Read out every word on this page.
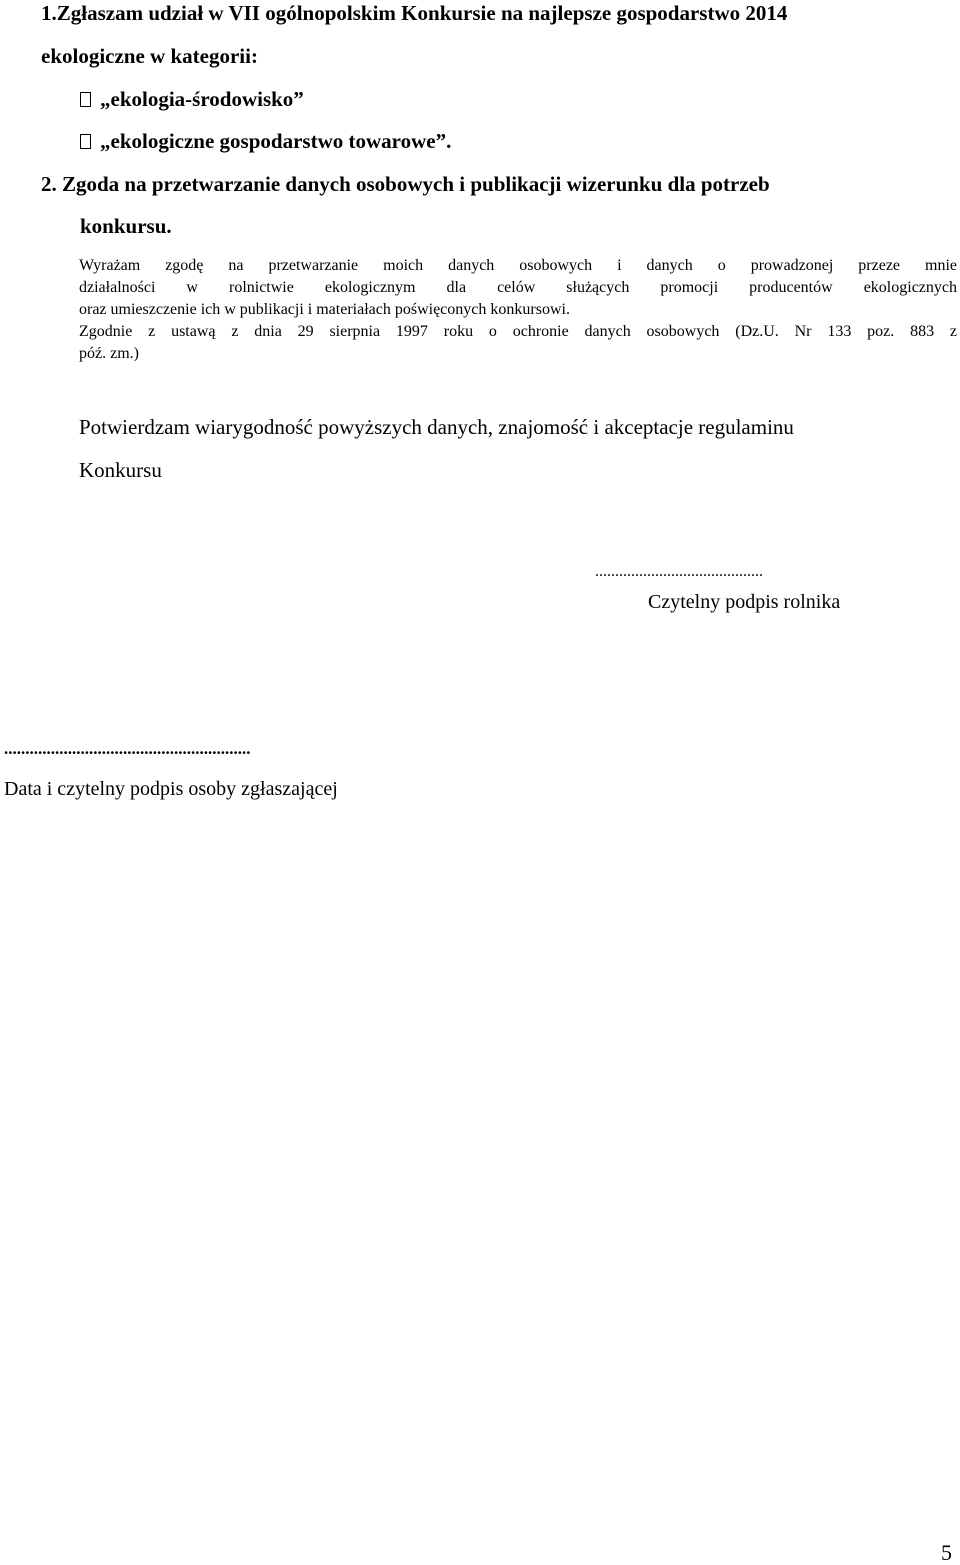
1.Zgłaszam udział w VII ogólnopolskim Konkursie na najlepsze gospodarstwo 2014
ekologiczne w kategorii:
„ekologia-środowisko”
„ekologiczne gospodarstwo towarowe”.
2. Zgoda na przetwarzanie danych osobowych i publikacji wizerunku dla potrzeb
konkursu.
Wyrażam zgodę na przetwarzanie moich danych osobowych i danych o prowadzonej przeze mnie
działalności w rolnictwie ekologicznym dla celów służących promocji producentów ekologicznych
oraz umieszczenie ich w publikacji i materiałach poświęconych konkursowi.
Zgodnie z ustawą z dnia 29 sierpnia 1997 roku o ochronie danych osobowych (Dz.U. Nr 133 poz. 883 z
póź. zm.)
Potwierdzam wiarygodność powyższych danych, znajomość i akceptacje regulaminu
Konkursu
..........................................
Czytelny podpis rolnika
..........................................................
Data i czytelny podpis osoby zgłaszającej
5
